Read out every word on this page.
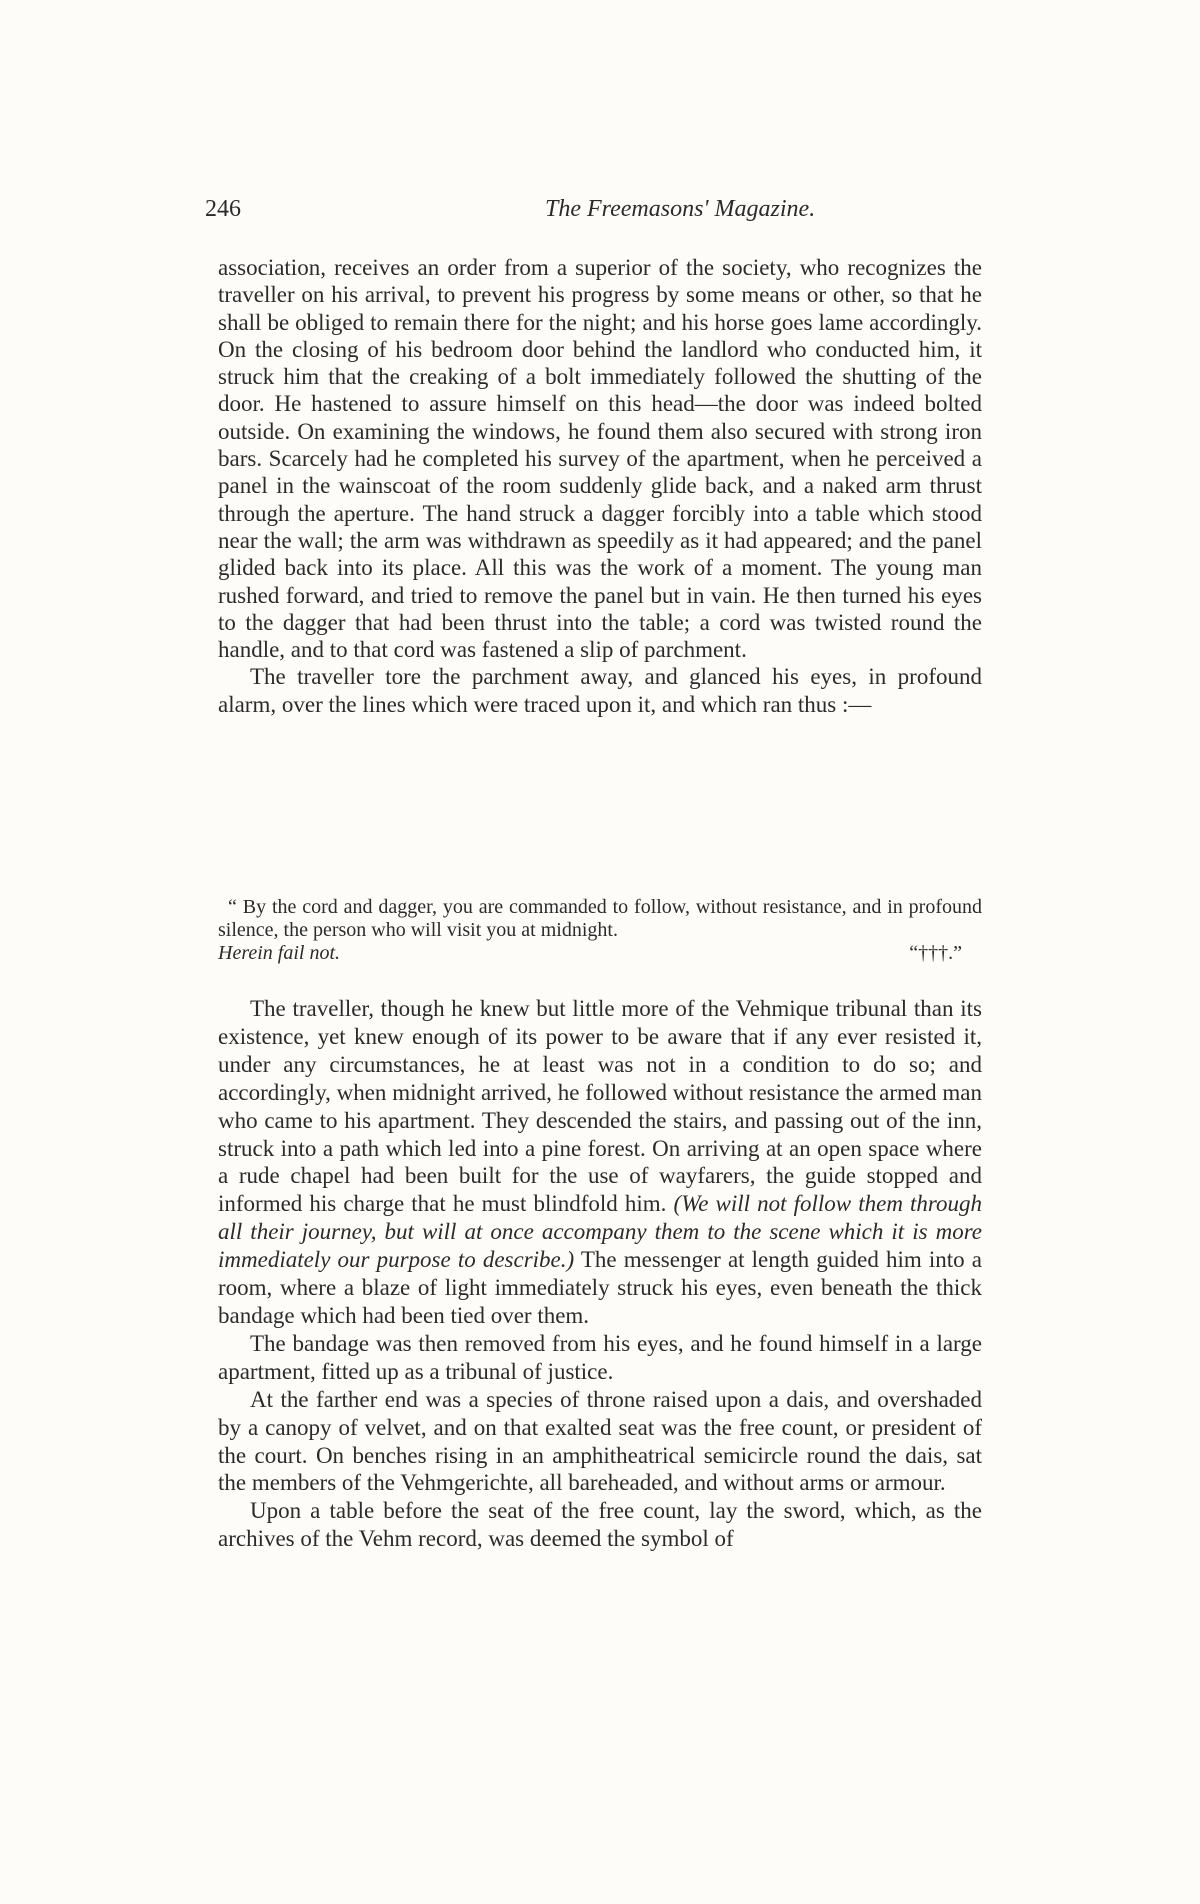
246	The Freemasons' Magazine.

association, receives an order from a superior of the society, who recognizes the traveller on his arrival, to prevent his progress by some means or other, so that he shall be obliged to remain there for the night; and his horse goes lame accordingly. On the closing of his bedroom door behind the landlord who conducted him, it struck him that the creaking of a bolt immediately followed the shutting of the door. He hastened to assure himself on this head—the door was indeed bolted outside. On examining the windows, he found them also secured with strong iron bars. Scarcely had he completed his survey of the apartment, when he perceived a panel in the wainscoat of the room suddenly glide back, and a naked arm thrust through the aperture. The hand struck a dagger forcibly into a table which stood near the wall; the arm was withdrawn as speedily as it had appeared; and the panel glided back into its place. All this was the work of a moment. The young man rushed forward, and tried to remove the panel but in vain. He then turned his eyes to the dagger that had been thrust into the table; a cord was twisted round the handle, and to that cord was fastened a slip of parchment.

The traveller tore the parchment away, and glanced his eyes, in profound alarm, over the lines which were traced upon it, and which ran thus :—

“ By the cord and dagger, you are commanded to follow, without resistance, and in profound silence, the person who will visit you at midnight.
Herein fail not.	“†††.”

The traveller, though he knew but little more of the Vehmique tribunal than its existence, yet knew enough of its power to be aware that if any ever resisted it, under any circumstances, he at least was not in a condition to do so; and accordingly, when midnight arrived, he followed without resistance the armed man who came to his apartment. They descended the stairs, and passing out of the inn, struck into a path which led into a pine forest. On arriving at an open space where a rude chapel had been built for the use of wayfarers, the guide stopped and informed his charge that he must blindfold him. (We will not follow them through all their journey, but will at once accompany them to the scene which it is more immediately our purpose to describe.) The messenger at length guided him into a room, where a blaze of light immediately struck his eyes, even beneath the thick bandage which had been tied over them.

The bandage was then removed from his eyes, and he found himself in a large apartment, fitted up as a tribunal of justice.

At the farther end was a species of throne raised upon a dais, and overshaded by a canopy of velvet, and on that exalted seat was the free count, or president of the court. On benches rising in an amphitheatrical semicircle round the dais, sat the members of the Vehmgerichte, all bareheaded, and without arms or armour.

Upon a table before the seat of the free count, lay the sword, which, as the archives of the Vehm record, was deemed the symbol of
